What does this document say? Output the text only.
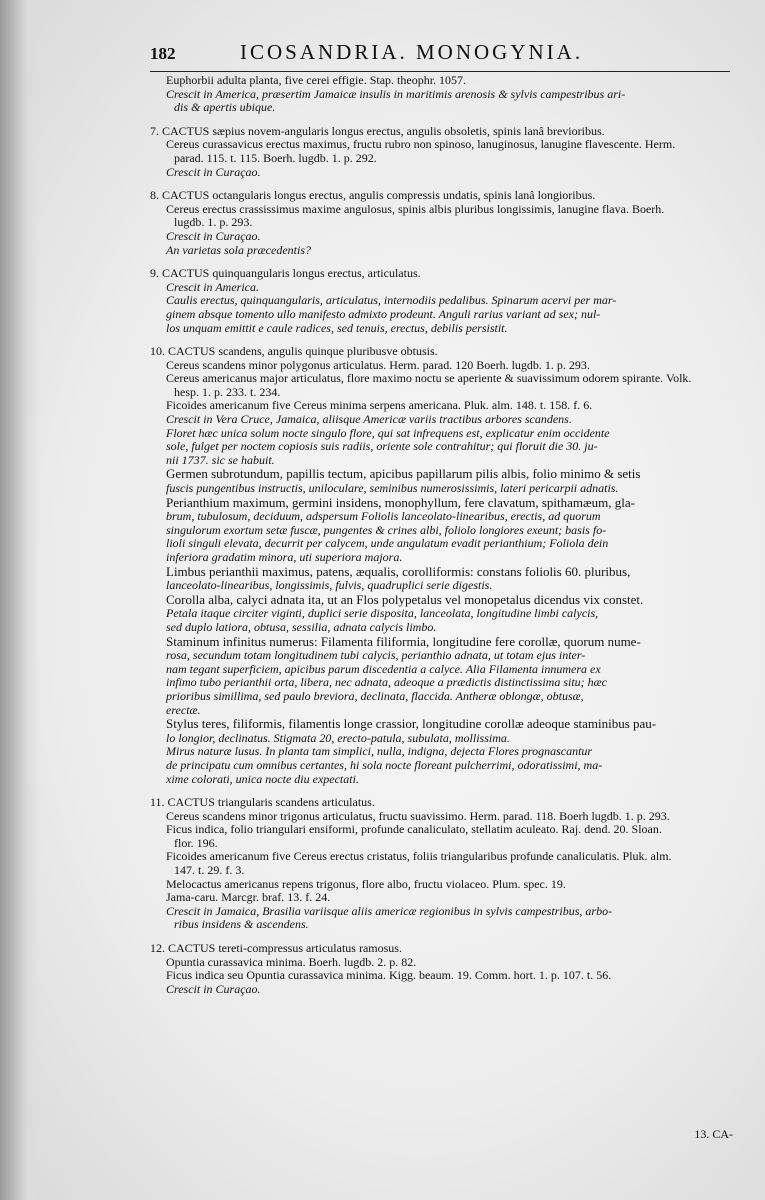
182	ICOSANDRIA. MONOGYNIA.

Euphorbii adulta planta, five cerei effigie. Stap. theophr. 1057.

Crescit in America, præsertim Jamaicæ insulis in maritimis arenosis & sylvis campestribus ari-

dis & apertis ubique.

7. CACTUS sæpius novem-angularis longus erectus, angulis obsoletis, spinis lanâ brevioribus.

Cereus curassavicus erectus maximus, fructu rubro non spinoso, lanuginosus, lanugine flavescente. Herm.

parad. 115. t. 115. Boerh. lugdb. 1. p. 292.

Crescit in Curaçao.

8. CACTUS octangularis longus erectus, angulis compressis undatis, spinis lanâ longioribus.

Cereus erectus crassissimus maxime angulosus, spinis albis pluribus longissimis, lanugine flava. Boerh.

lugdb. 1. p. 293.

Crescit in Curaçao.

An varietas sola præcedentis?

9. CACTUS quinquangularis longus erectus, articulatus.

Crescit in America.

Caulis erectus, quinquangularis, articulatus, internodiis pedalibus. Spinarum acervi per mar-

ginem absque tomento ullo manifesto admixto prodeunt. Anguli rarius variant ad sex; nul-

los unquam emittit e caule radices, sed tenuis, erectus, debilis persistit.

10. CACTUS scandens, angulis quinque pluribusve obtusis.

Cereus scandens minor polygonus articulatus. Herm. parad. 120 Boerh. lugdb. 1. p. 293.

Cereus americanus major articulatus, flore maximo noctu se aperiente & suavissimum odorem spirante. Volk.

hesp. 1. p. 233. t. 234.

Ficoides americanum five Cereus minima serpens americana. Pluk. alm. 148. t. 158. f. 6.

Crescit in Vera Cruce, Jamaica, aliisque Americæ variis tractibus arbores scandens.

Floret hæc unica solum nocte singulo flore, qui sat infrequens est, explicatur enim occidente

sole, fulget per noctem copiosis suis radiis, oriente sole contrahitur; qui floruit die 30. ju-

nii 1737. sic se habuit.

Germen subrotundum, papillis tectum, apicibus papillarum pilis albis, folio minimo & setis

fuscis pungentibus instructis, uniloculare, seminibus numerosissimis, lateri pericarpii adnatis.

Perianthium maximum, germini insidens, monophyllum, fere clavatum, spithamæum, gla-

brum, tubulosum, deciduum, adspersum Foliolis lanceolato-linearibus, erectis, ad quorum

singulorum exortum setæ fuscæ, pungentes & crines albi, foliolo longiores exeunt; basis fo-

lioli singuli elevata, decurrit per calycem, unde angulatum evadit perianthium; Foliola dein

inferiora gradatim minora, uti superiora majora.

Limbus perianthii maximus, patens, æqualis, corolliformis: constans foliolis 60. pluribus,

lanceolato-linearibus, longissimis, fulvis, quadruplici serie digestis.

Corolla alba, calyci adnata ita, ut an Flos polypetalus vel monopetalus dicendus vix constet.

Petala itaque circiter viginti, duplici serie disposita, lanceolata, longitudine limbi calycis,

sed duplo latiora, obtusa, sessilia, adnata calycis limbo.

Staminum infinitus numerus: Filamenta filiformia, longitudine fere corollæ, quorum nume-

rosa, secundum totam longitudinem tubi calycis, perianthio adnata, ut totam ejus inter-

nam tegant superficiem, apicibus parum discedentia a calyce. Alia Filamenta innumera ex

infimo tubo perianthii orta, libera, nec adnata, adeoque a prædictis distinctissima situ; hæc

prioribus simillima, sed paulo breviora, declinata, flaccida. Antheræ oblongæ, obtusæ,

erectæ.

Stylus teres, filiformis, filamentis longe crassior, longitudine corollæ adeoque staminibus pau-

lo longior, declinatus. Stigmata 20, erecto-patula, subulata, mollissima.

Mirus naturæ lusus. In planta tam simplici, nulla, indigna, dejecta Flores prognascantur

de principatu cum omnibus certantes, hi sola nocte floreant pulcherrimi, odoratissimi, ma-

xime colorati, unica nocte diu expectati.

11. CACTUS triangularis scandens articulatus.

Cereus scandens minor trigonus articulatus, fructu suavissimo. Herm. parad. 118. Boerh lugdb. 1. p. 293.

Ficus indica, folio triangulari ensiformi, profunde canaliculato, stellatim aculeato. Raj. dend. 20. Sloan.

flor. 196.

Ficoides americanum five Cereus erectus cristatus, foliis triangularibus profunde canaliculatis. Pluk. alm.

147. t. 29. f. 3.

Melocactus americanus repens trigonus, flore albo, fructu violaceo. Plum. spec. 19.

Jama-caru. Marcgr. braf. 13. f. 24.

Crescit in Jamaica, Brasilia variisque aliis americæ regionibus in sylvis campestribus, arbo-

ribus insidens & ascendens.

12. CACTUS tereti-compressus articulatus ramosus.

Opuntia curassavica minima. Boerh. lugdb. 2. p. 82.

Ficus indica seu Opuntia curassavica minima. Kigg. beaum. 19. Comm. hort. 1. p. 107. t. 56.

Crescit in Curaçao.

13. CA-
